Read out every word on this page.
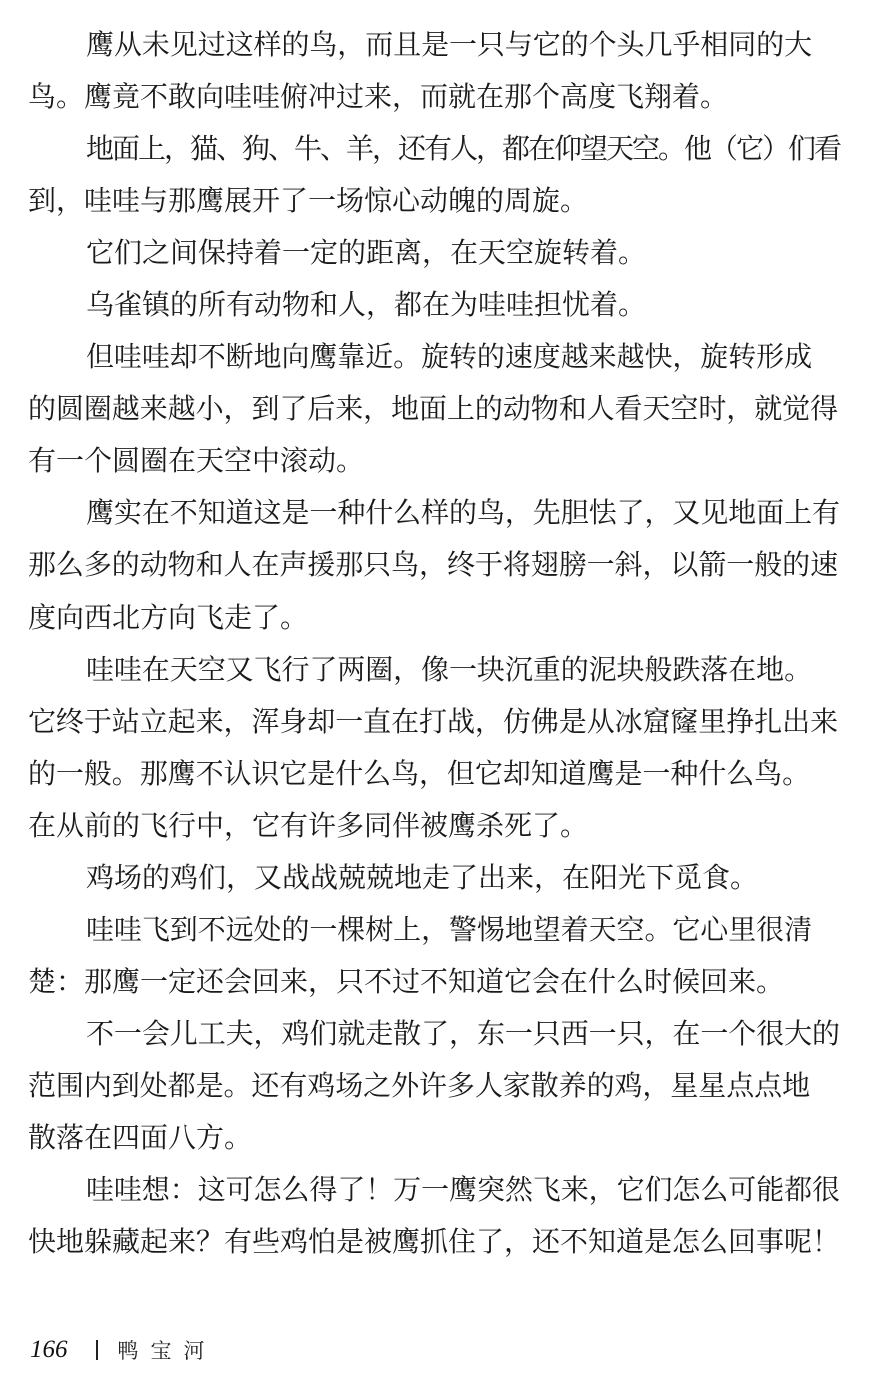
鹰从未见过这样的鸟，而且是一只与它的个头几乎相同的大
鸟。鹰竟不敢向哇哇俯冲过来，而就在那个高度飞翔着。
地面上，猫、狗、牛、羊，还有人，都在仰望天空。他（它）们看
到，哇哇与那鹰展开了一场惊心动魄的周旋。
它们之间保持着一定的距离，在天空旋转着。
乌雀镇的所有动物和人，都在为哇哇担忧着。
但哇哇却不断地向鹰靠近。旋转的速度越来越快，旋转形成
的圆圈越来越小，到了后来，地面上的动物和人看天空时，就觉得
有一个圆圈在天空中滚动。
鹰实在不知道这是一种什么样的鸟，先胆怯了，又见地面上有
那么多的动物和人在声援那只鸟，终于将翅膀一斜，以箭一般的速
度向西北方向飞走了。
哇哇在天空又飞行了两圈，像一块沉重的泥块般跌落在地。
它终于站立起来，浑身却一直在打战，仿佛是从冰窟窿里挣扎出来
的一般。那鹰不认识它是什么鸟，但它却知道鹰是一种什么鸟。
在从前的飞行中，它有许多同伴被鹰杀死了。
鸡场的鸡们，又战战兢兢地走了出来，在阳光下觅食。
哇哇飞到不远处的一棵树上，警惕地望着天空。它心里很清
楚：那鹰一定还会回来，只不过不知道它会在什么时候回来。
不一会儿工夫，鸡们就走散了，东一只西一只，在一个很大的
范围内到处都是。还有鸡场之外许多人家散养的鸡，星星点点地
散落在四面八方。
哇哇想：这可怎么得了！万一鹰突然飞来，它们怎么可能都很
快地躲藏起来？有些鸡怕是被鹰抓住了，还不知道是怎么回事呢！
166 鸭宝河
